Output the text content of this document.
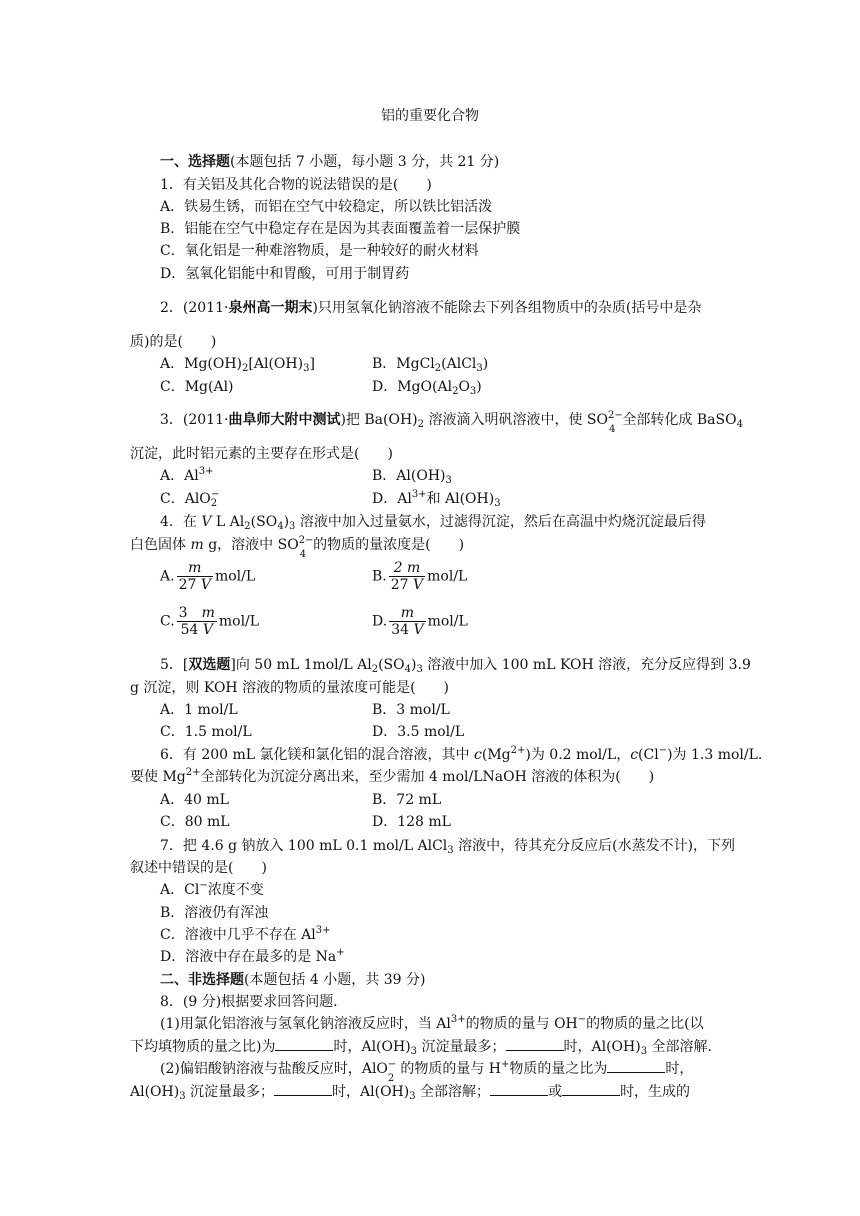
铝的重要化合物
一、选择题(本题包括 7 小题，每小题 3 分，共 21 分)
1．有关铝及其化合物的说法错误的是(　　)
A．铁易生锈，而铝在空气中较稳定，所以铁比铝活泼
B．铝能在空气中稳定存在是因为其表面覆盖着一层保护膜
C．氧化铝是一种难溶物质，是一种较好的耐火材料
D．氢氧化铝能中和胃酸，可用于制胃药
2．(2011·泉州高一期末)只用氢氧化钠溶液不能除去下列各组物质中的杂质(括号中是杂
质)的是(　　)
A．$Mg(OH)_2[Al(OH)_3]$	B．MgCl$_2$(AlCl$_3$)
C．Mg(Al)	D．$MgO(Al_2O_3)$
3．(2011·曲阜师大附中测试)把 $Ba(OH)_2$ 溶液滴入明矾溶液中，使 SO 2−
4
全部转化成 BaSO$_4$
沉淀，此时铝元素的主要存在形式是(　　)
A．$Al^{3+}$	B．$Al(OH)_3$
C．AlO$_2$−	D．$Al^{3+}$和 $Al(OH)_3$
4．在 V L $Al_2(SO_4)_3$ 溶液中加入过量氨水，过滤得沉淀，然后在高温中灼烧沉淀最后得
白色固体 m g，溶液中 SO 2−
4
的物质的量浓度是(　　)
A. $\frac{m}{27 V} mol/L$	B. $\frac{2 m}{27 V} mol/L$
C. $\frac{3 m}{54 V} mol/L$	D. $\frac{m}{34 V} mol/L$
5．[双选题]向 50 mL 1mol/L $Al_2(SO_4)_3$ 溶液中加入 100 mL KOH 溶液，充分反应得到 3.9
g 沉淀，则 KOH 溶液的物质的量浓度可能是(　　)
A．1 mol/L	B．3 mol/L
C．1.5 mol/L	D．3.5 mol/L
6．有 200 mL 氯化镁和氯化铝的混合溶液，其中 $c(Mg^{2+})$为 0.2 mol/L，c(Cl−)为 1.3 mol/L.
要使 $Mg^{2+}$全部转化为沉淀分离出来，至少需加 4 mol/LNaOH 溶液的体积为(　　)
A．40 mL	B．72 mL
C．80 mL	D．128 mL
7．把 4.6 g 钠放入 100 mL 0.1 mol/L AlCl$_3$ 溶液中，待其充分反应后(水蒸发不计)，下列
叙述中错误的是(　　)
A．Cl−浓度不变
B．溶液仍有浑浊
C．溶液中几乎不存在 $Al^{3+}$
D．溶液中存在最多的是 Na+
二、非选择题(本题包括 4 小题，共 39 分)
8．(9 分)根据要求回答问题．
(1)用氯化铝溶液与氢氧化钠溶液反应时，当 $Al^{3+}$的物质的量与 OH−的物质的量之比(以
下均填物质的量之比)为	时，$Al(OH)_3$ 沉淀量最多；	时，$Al(OH)_3$ 全部溶解．
(2)偏铝酸钠溶液与盐酸反应时，AlO −
2
的物质的量与 H+物质的量之比为	时，
$Al(OH)_3$ 沉淀量最多；	时，$Al(OH)_3$ 全部溶解；	或	时，生成的
